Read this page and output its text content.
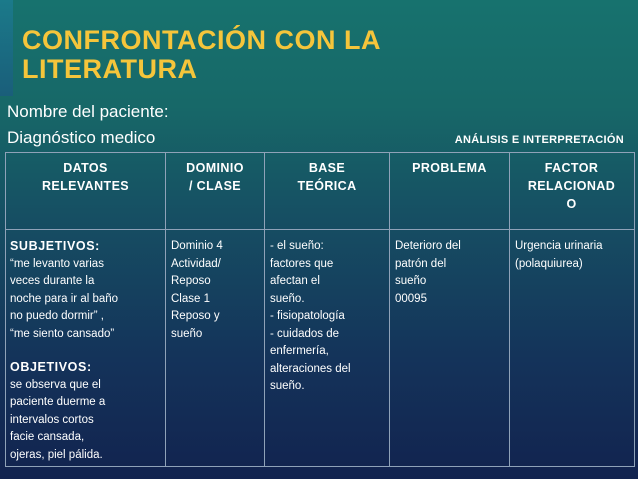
CONFRONTACIÓN CON LA
LITERATURA
Nombre del paciente:
Diagnóstico medico	ANÁLISIS E INTERPRETACIÓN
DATOS
RELEVANTES
DOMINIO
/ CLASE
BASE
TEÓRICA
PROBLEMA	FACTOR
RELACIONAD
O
SUBJETIVOS:
“me levanto varias
veces durante la
noche para ir al baño
no puedo dormir” ,
“me siento cansado”
OBJETIVOS:
se observa que el
paciente duerme a
intervalos cortos
facie cansada,
ojeras, piel pálida.
Dominio 4
Actividad/
Reposo
Clase 1
Reposo y
sueño
- el sueño:
factores que
afectan el
sueño.
- fisiopatología
- cuidados de
enfermería,
alteraciones del
sueño.
Deterioro del
patrón del
sueño
00095
Urgencia urinaria
(polaquiurea)
